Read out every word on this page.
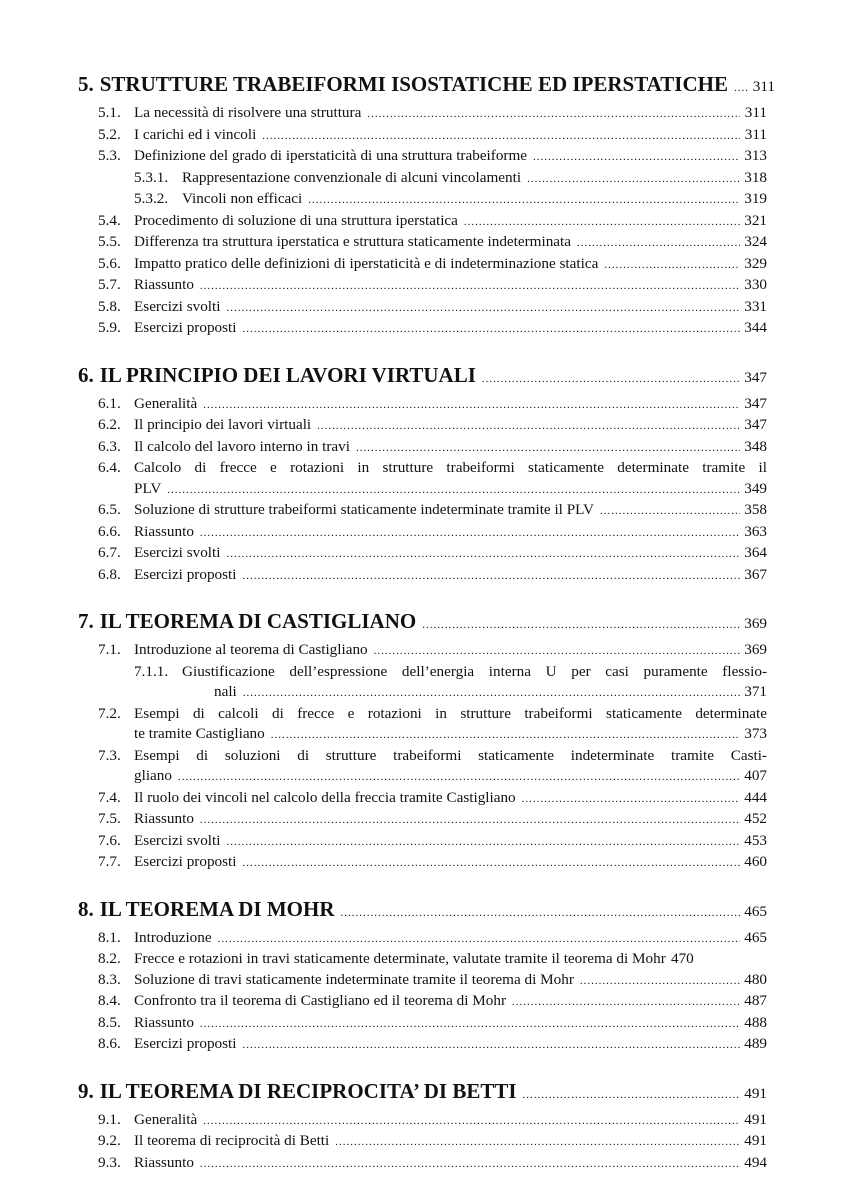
5. STRUTTURE TRABEIFORMI ISOSTATICHE ED IPERSTATICHE ..... 311
5.1. La necessità di risolvere una struttura .....	311
5.2. I carichi ed i vincoli .....	311
5.3. Definizione del grado di iperstaticità di una struttura trabeiforme .....	313
5.3.1. Rappresentazione convenzionale di alcuni vincolamenti .....	318
5.3.2. Vincoli non efficaci .....	319
5.4. Procedimento di soluzione di una struttura iperstatica .....	321
5.5. Differenza tra struttura iperstatica e struttura staticamente indeterminata .....	324
5.6. Impatto pratico delle definizioni di iperstaticità e di indeterminazione statica .....	329
5.7. Riassunto .....	330
5.8. Esercizi svolti .....	331
5.9. Esercizi proposti .....	344
6. IL PRINCIPIO DEI LAVORI VIRTUALI .....	347
6.1. Generalità .....	347
6.2. Il principio dei lavori virtuali .....	347
6.3. Il calcolo del lavoro interno in travi .....	348
6.4. Calcolo di frecce e rotazioni in strutture trabeiformi staticamente determinate tramite il
PLV .....	349
6.5. Soluzione di strutture trabeiformi staticamente indeterminate tramite il PLV .....	358
6.6. Riassunto .....	363
6.7. Esercizi svolti .....	364
6.8. Esercizi proposti .....	367
7. IL TEOREMA DI CASTIGLIANO .....	369
7.1. Introduzione al teorema di Castigliano .....	369
7.1.1. Giustificazione dell’espressione dell’energia interna U per casi puramente flessio-
nali .....	371
7.2. Esempi di calcoli di frecce e rotazioni in strutture trabeiformi staticamente determinate
te tramite Castigliano .....	373
7.3. Esempi di soluzioni di strutture trabeiformi staticamente indeterminate tramite Casti-
gliano .....	407
7.4. Il ruolo dei vincoli nel calcolo della freccia tramite Castigliano .....	444
7.5. Riassunto .....	452
7.6. Esercizi svolti .....	453
7.7. Esercizi proposti .....	460
8. IL TEOREMA DI MOHR .....	465
8.1. Introduzione .....	465
8.2. Frecce e rotazioni in travi staticamente determinate, valutate tramite il teorema di Mohr 470
8.3. Soluzione di travi staticamente indeterminate tramite il teorema di Mohr .....	480
8.4. Confronto tra il teorema di Castigliano ed il teorema di Mohr .....	487
8.5. Riassunto .....	488
8.6. Esercizi proposti .....	489
9. IL TEOREMA DI RECIPROCITA’ DI BETTI .....	491
9.1. Generalità .....	491
9.2. Il teorema di reciprocità di Betti .....	491
9.3. Riassunto .....	494
